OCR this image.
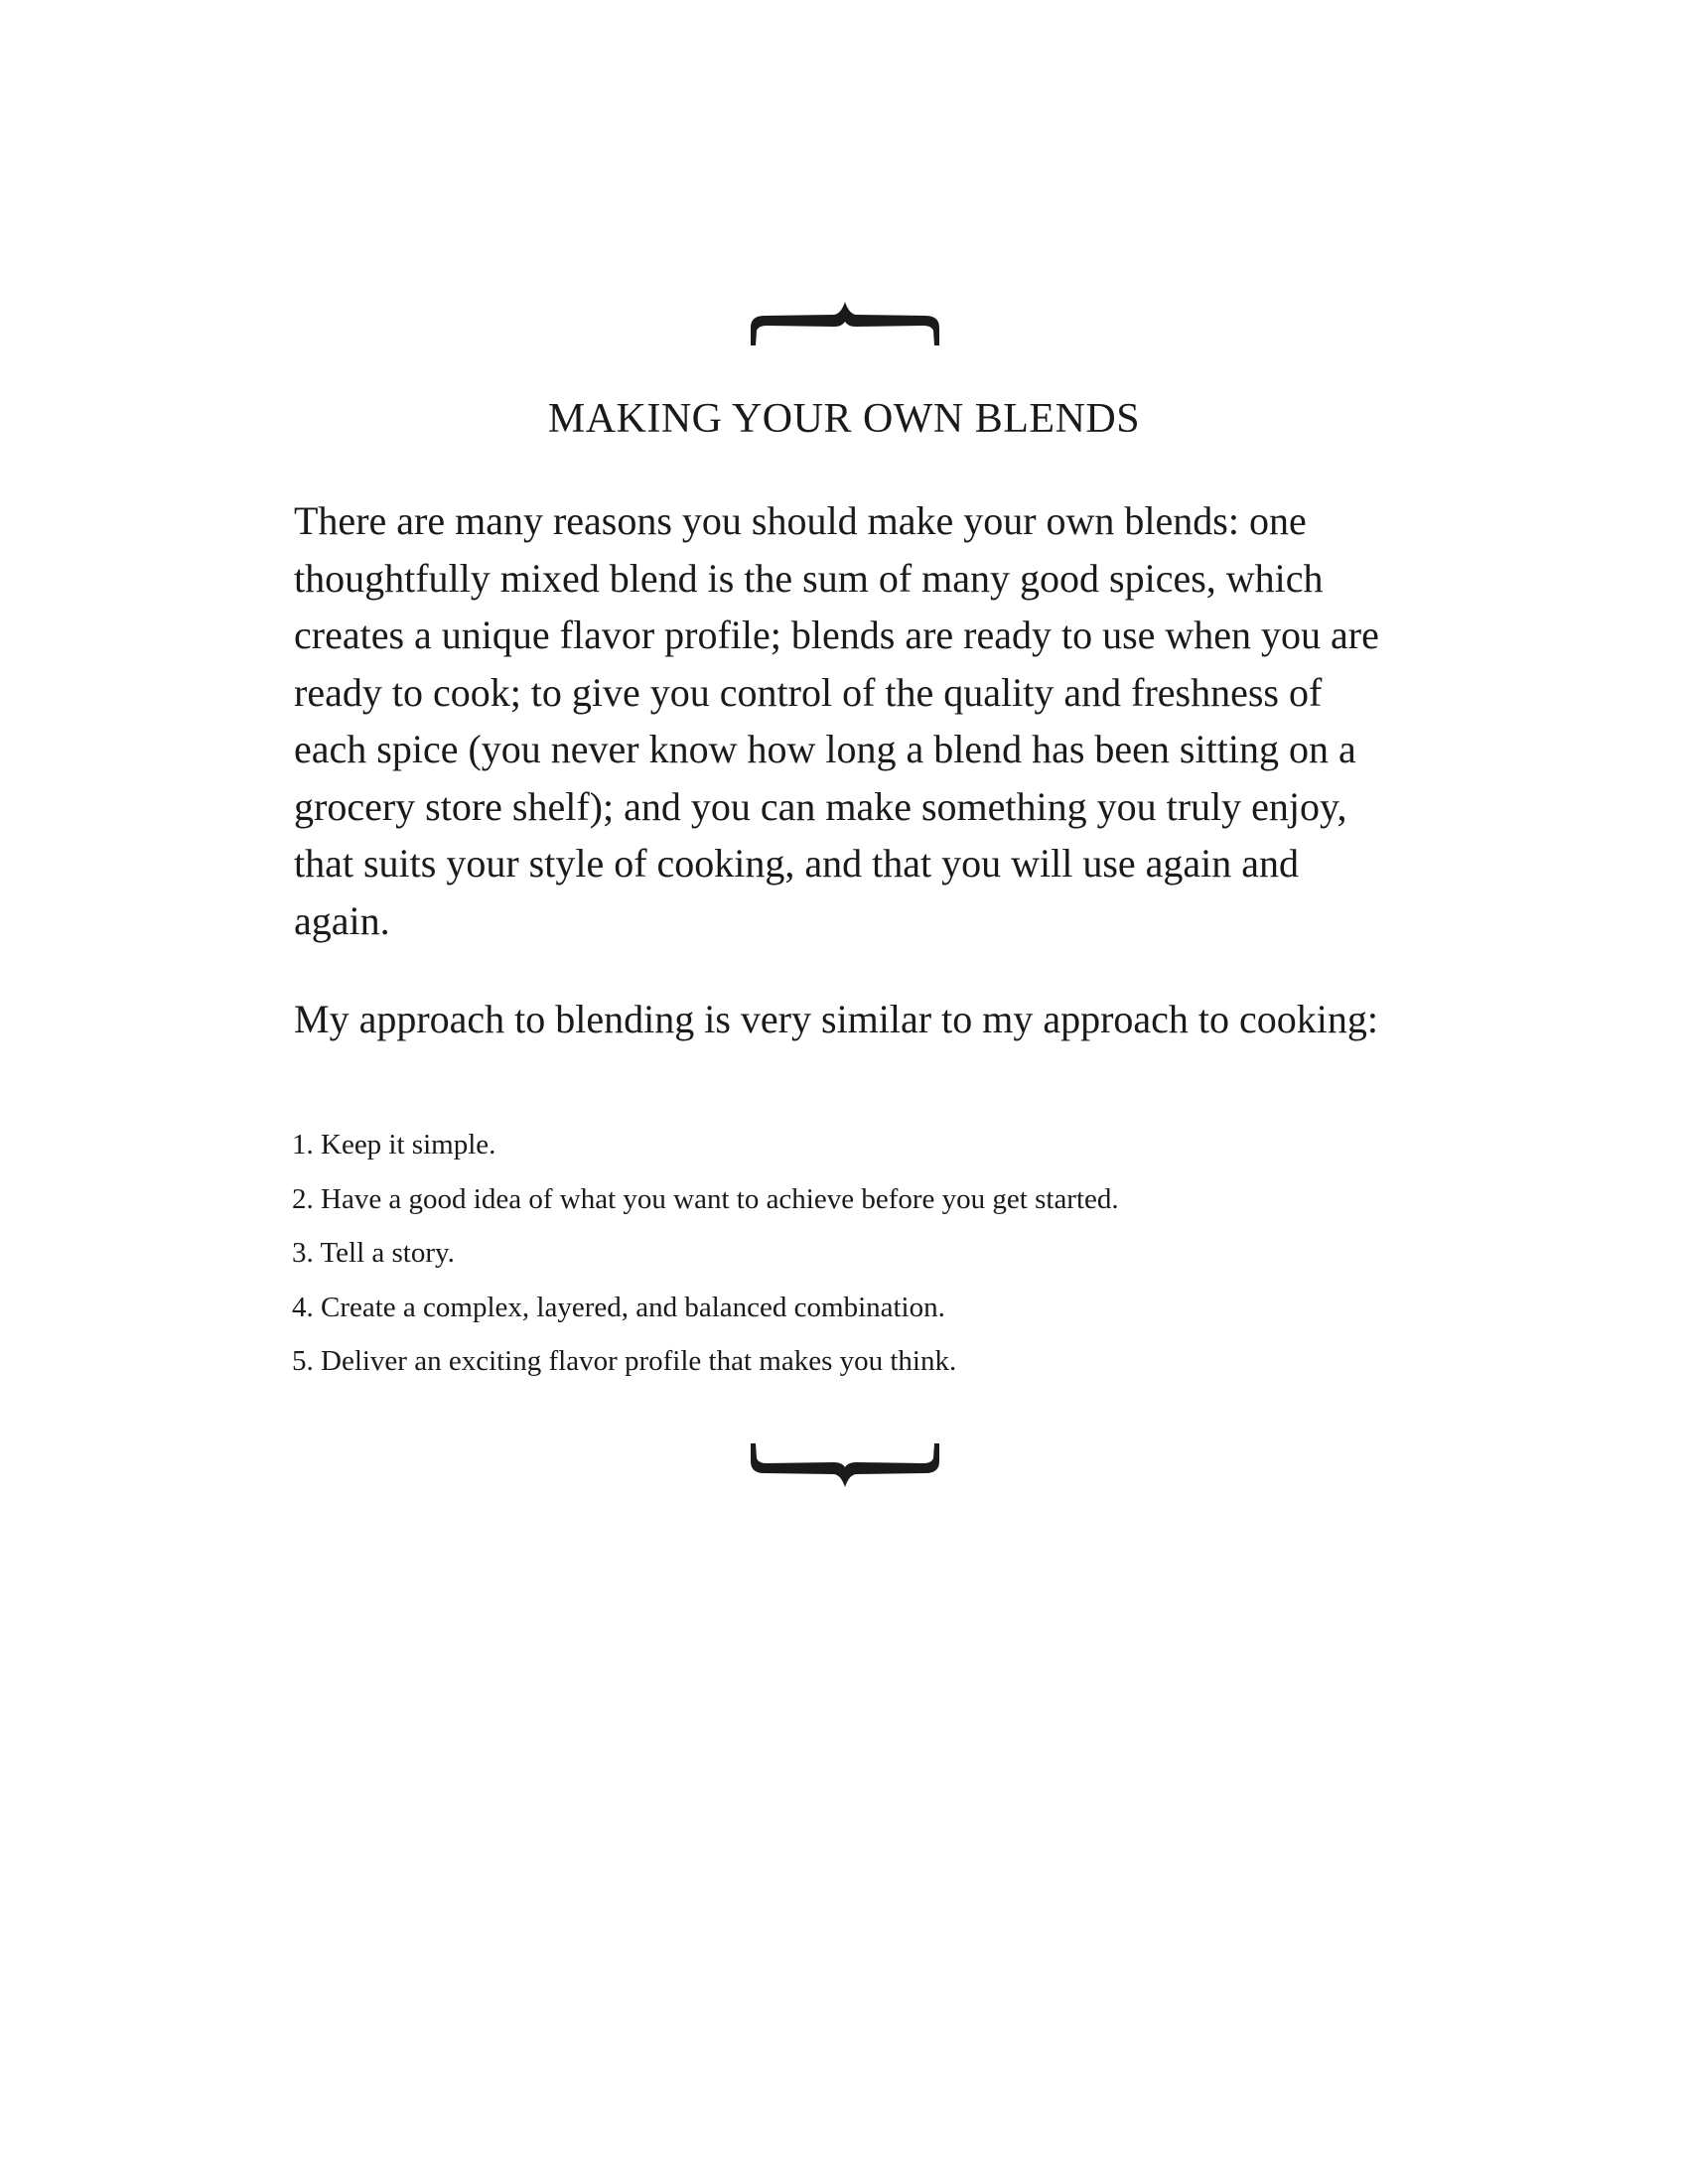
MAKING YOUR OWN BLENDS

There are many reasons you should make your own blends: one thoughtfully mixed blend is the sum of many good spices, which creates a unique flavor profile; blends are ready to use when you are ready to cook; to give you control of the quality and freshness of each spice (you never know how long a blend has been sitting on a grocery store shelf); and you can make something you truly enjoy, that suits your style of cooking, and that you will use again and again.

My approach to blending is very similar to my approach to cooking:

1. Keep it simple.
2. Have a good idea of what you want to achieve before you get started.
3. Tell a story.
4. Create a complex, layered, and balanced combination.
5. Deliver an exciting flavor profile that makes you think.
